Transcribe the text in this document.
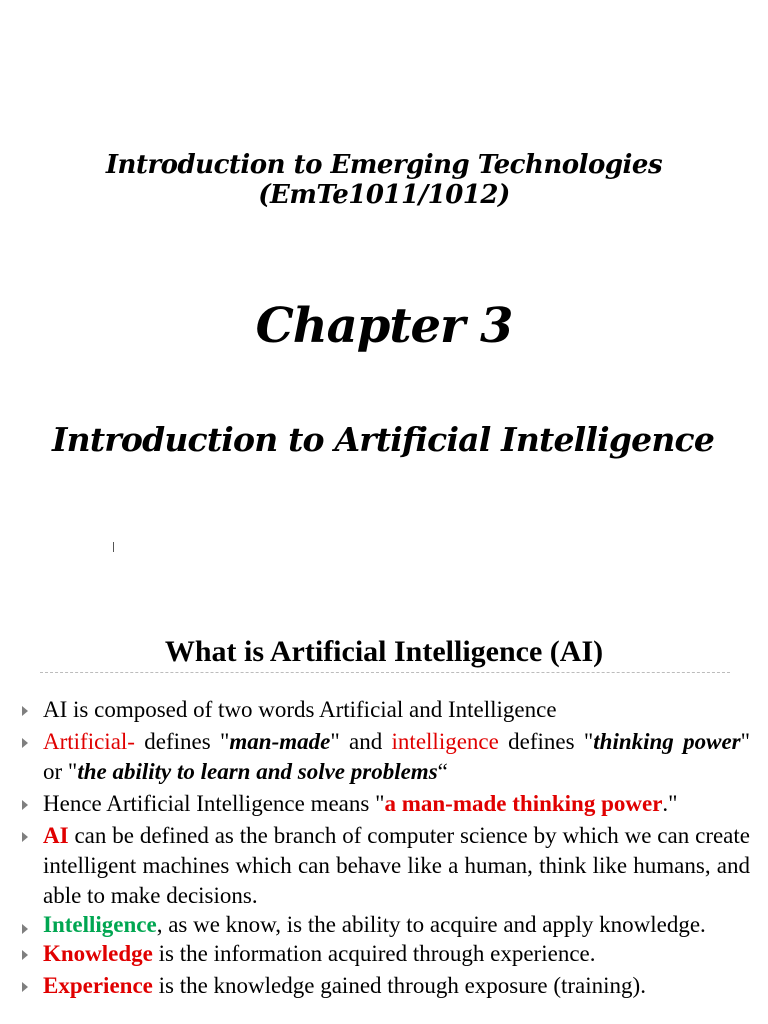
Introduction to Emerging Technologies (EmTe1011/1012)
Chapter 3
Introduction to Artificial Intelligence
What is Artificial Intelligence (AI)
AI is composed of two words Artificial and Intelligence
Artificial- defines "man-made" and intelligence defines "thinking power" or "the ability to learn and solve problems“
Hence Artificial Intelligence means "a man-made thinking power."
AI can be defined as the branch of computer science by which we can create intelligent machines which can behave like a human, think like humans, and able to make decisions.
Intelligence, as we know, is the ability to acquire and apply knowledge.
Knowledge is the information acquired through experience.
Experience is the knowledge gained through exposure (training).
